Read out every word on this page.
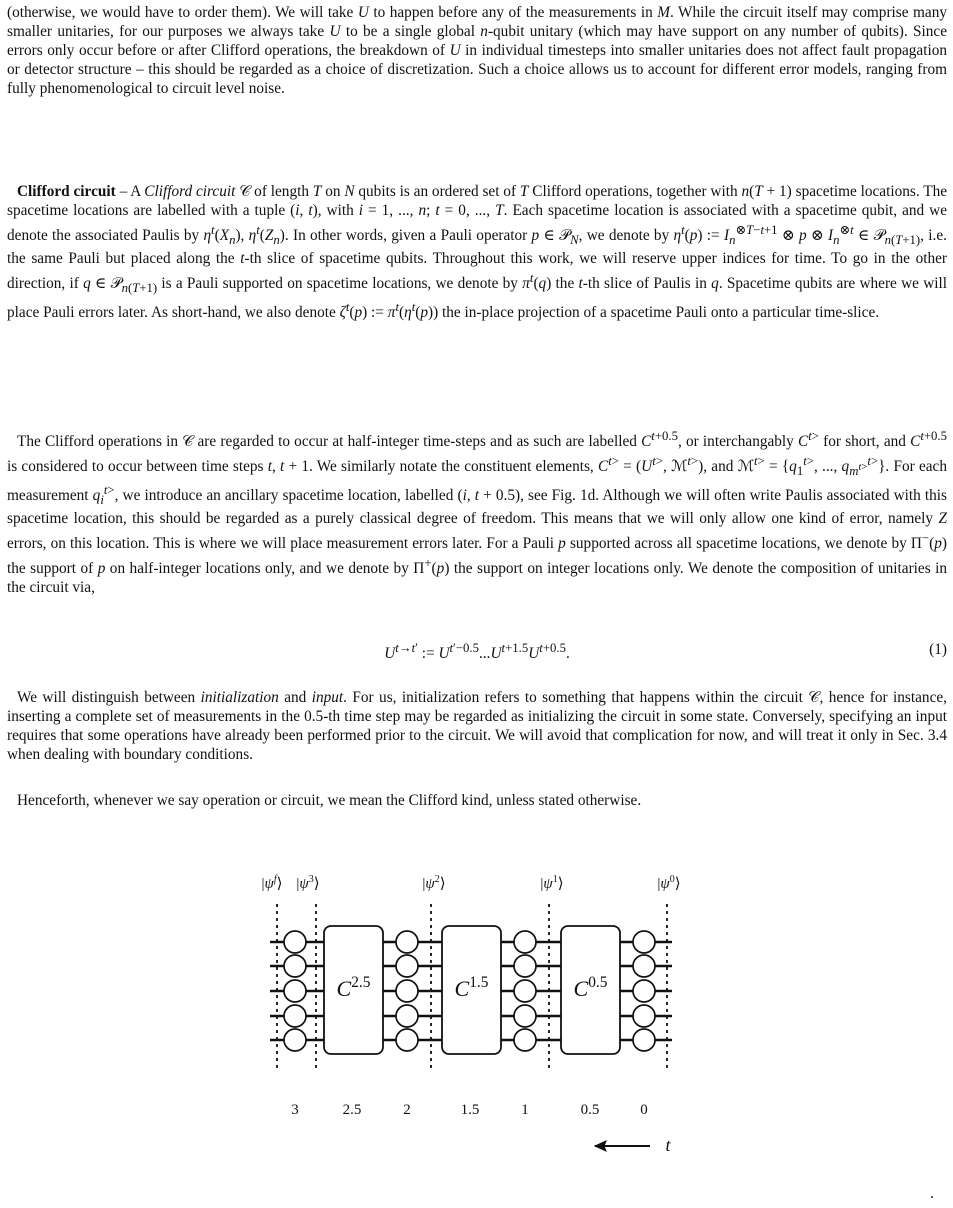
(otherwise, we would have to order them). We will take U to happen before any of the measurements in M. While the circuit itself may comprise many smaller unitaries, for our purposes we always take U to be a single global n-qubit unitary (which may have support on any number of qubits). Since errors only occur before or after Clifford operations, the breakdown of U in individual timesteps into smaller unitaries does not affect fault propagation or detector structure – this should be regarded as a choice of discretization. Such a choice allows us to account for different error models, ranging from fully phenomenological to circuit level noise.

Clifford circuit – A Clifford circuit 𝒞 of length T on N qubits is an ordered set of T Clifford operations, together with n(T + 1) spacetime locations. The spacetime locations are labelled with a tuple (i, t), with i = 1, ..., n; t = 0, ..., T. Each spacetime location is associated with a spacetime qubit, and we denote the associated Paulis by $\eta^t(X_n)$, $\eta^t(Z_n)$. In other words, given a Pauli operator p ∈ 𝒫$_N$, we denote by $\eta^t(p)$ := $I_n^{\otimes T-t+1}$ ⊗ p ⊗ $I_n^{\otimes t}$ ∈ 𝒫$_{n(T+1)}$, i.e. the same Pauli but placed along the t-th slice of spacetime qubits. Throughout this work, we will reserve upper indices for time. To go in the other direction, if q ∈ 𝒫$_{n(T+1)}$ is a Pauli supported on spacetime locations, we denote by $\pi^t(q)$ the t-th slice of Paulis in q. Spacetime qubits are where we will place Pauli errors later. As short-hand, we also denote $\zeta^t(p)$ := $\pi^t(\eta^t(p))$ the in-place projection of a spacetime Pauli onto a particular time-slice.

The Clifford operations in 𝒞 are regarded to occur at half-integer time-steps and as such are labelled $C^{t+0.5}$, or interchangably $C^{t>}$ for short, and $C^{t+0.5}$ is considered to occur between time steps t, t + 1. We similarly notate the constituent elements, $C^{t>} = (U^{t>}$, ℳ$^{t>}$), and ℳ$^{t>}$ = {$q_1^{t>}$, ..., $q_{m^{t>}}^{t>}$}. For each measurement $q_i^{t>}$, we introduce an ancillary spacetime location, labelled (i, t + 0.5), see Fig. 1d. Although we will often write Paulis associated with this spacetime location, this should be regarded as a purely classical degree of freedom. This means that we will only allow one kind of error, namely Z errors, on this location. This is where we will place measurement errors later. For a Pauli p supported across all spacetime locations, we denote by Π−(p) the support of p on half-integer locations only, and we denote by Π+(p) the support on integer locations only. We denote the composition of unitaries in the circuit via,

$U^{t\to t'}$ := $U^{t'-0.5}...U^{t+1.5}U^{t+0.5}$.	(1)

We will distinguish between initialization and input. For us, initialization refers to something that happens within the circuit 𝒞, hence for instance, inserting a complete set of measurements in the 0.5-th time step may be regarded as initializing the circuit in some state. Conversely, specifying an input requires that some operations have already been performed prior to the circuit. We will avoid that complication for now, and will treat it only in Sec. 3.4 when dealing with boundary conditions.

Henceforth, whenever we say operation or circuit, we mean the Clifford kind, unless stated otherwise.

$C^{2.5}$	$C^{1.5}$	$C^{0.5}$
$|\psi^f⟩$ $|\psi^3⟩$	$|\psi^2⟩$	$|\psi^1⟩$	$|\psi^0⟩$
3	2.5	2	1.5	1	0.5	0
t
